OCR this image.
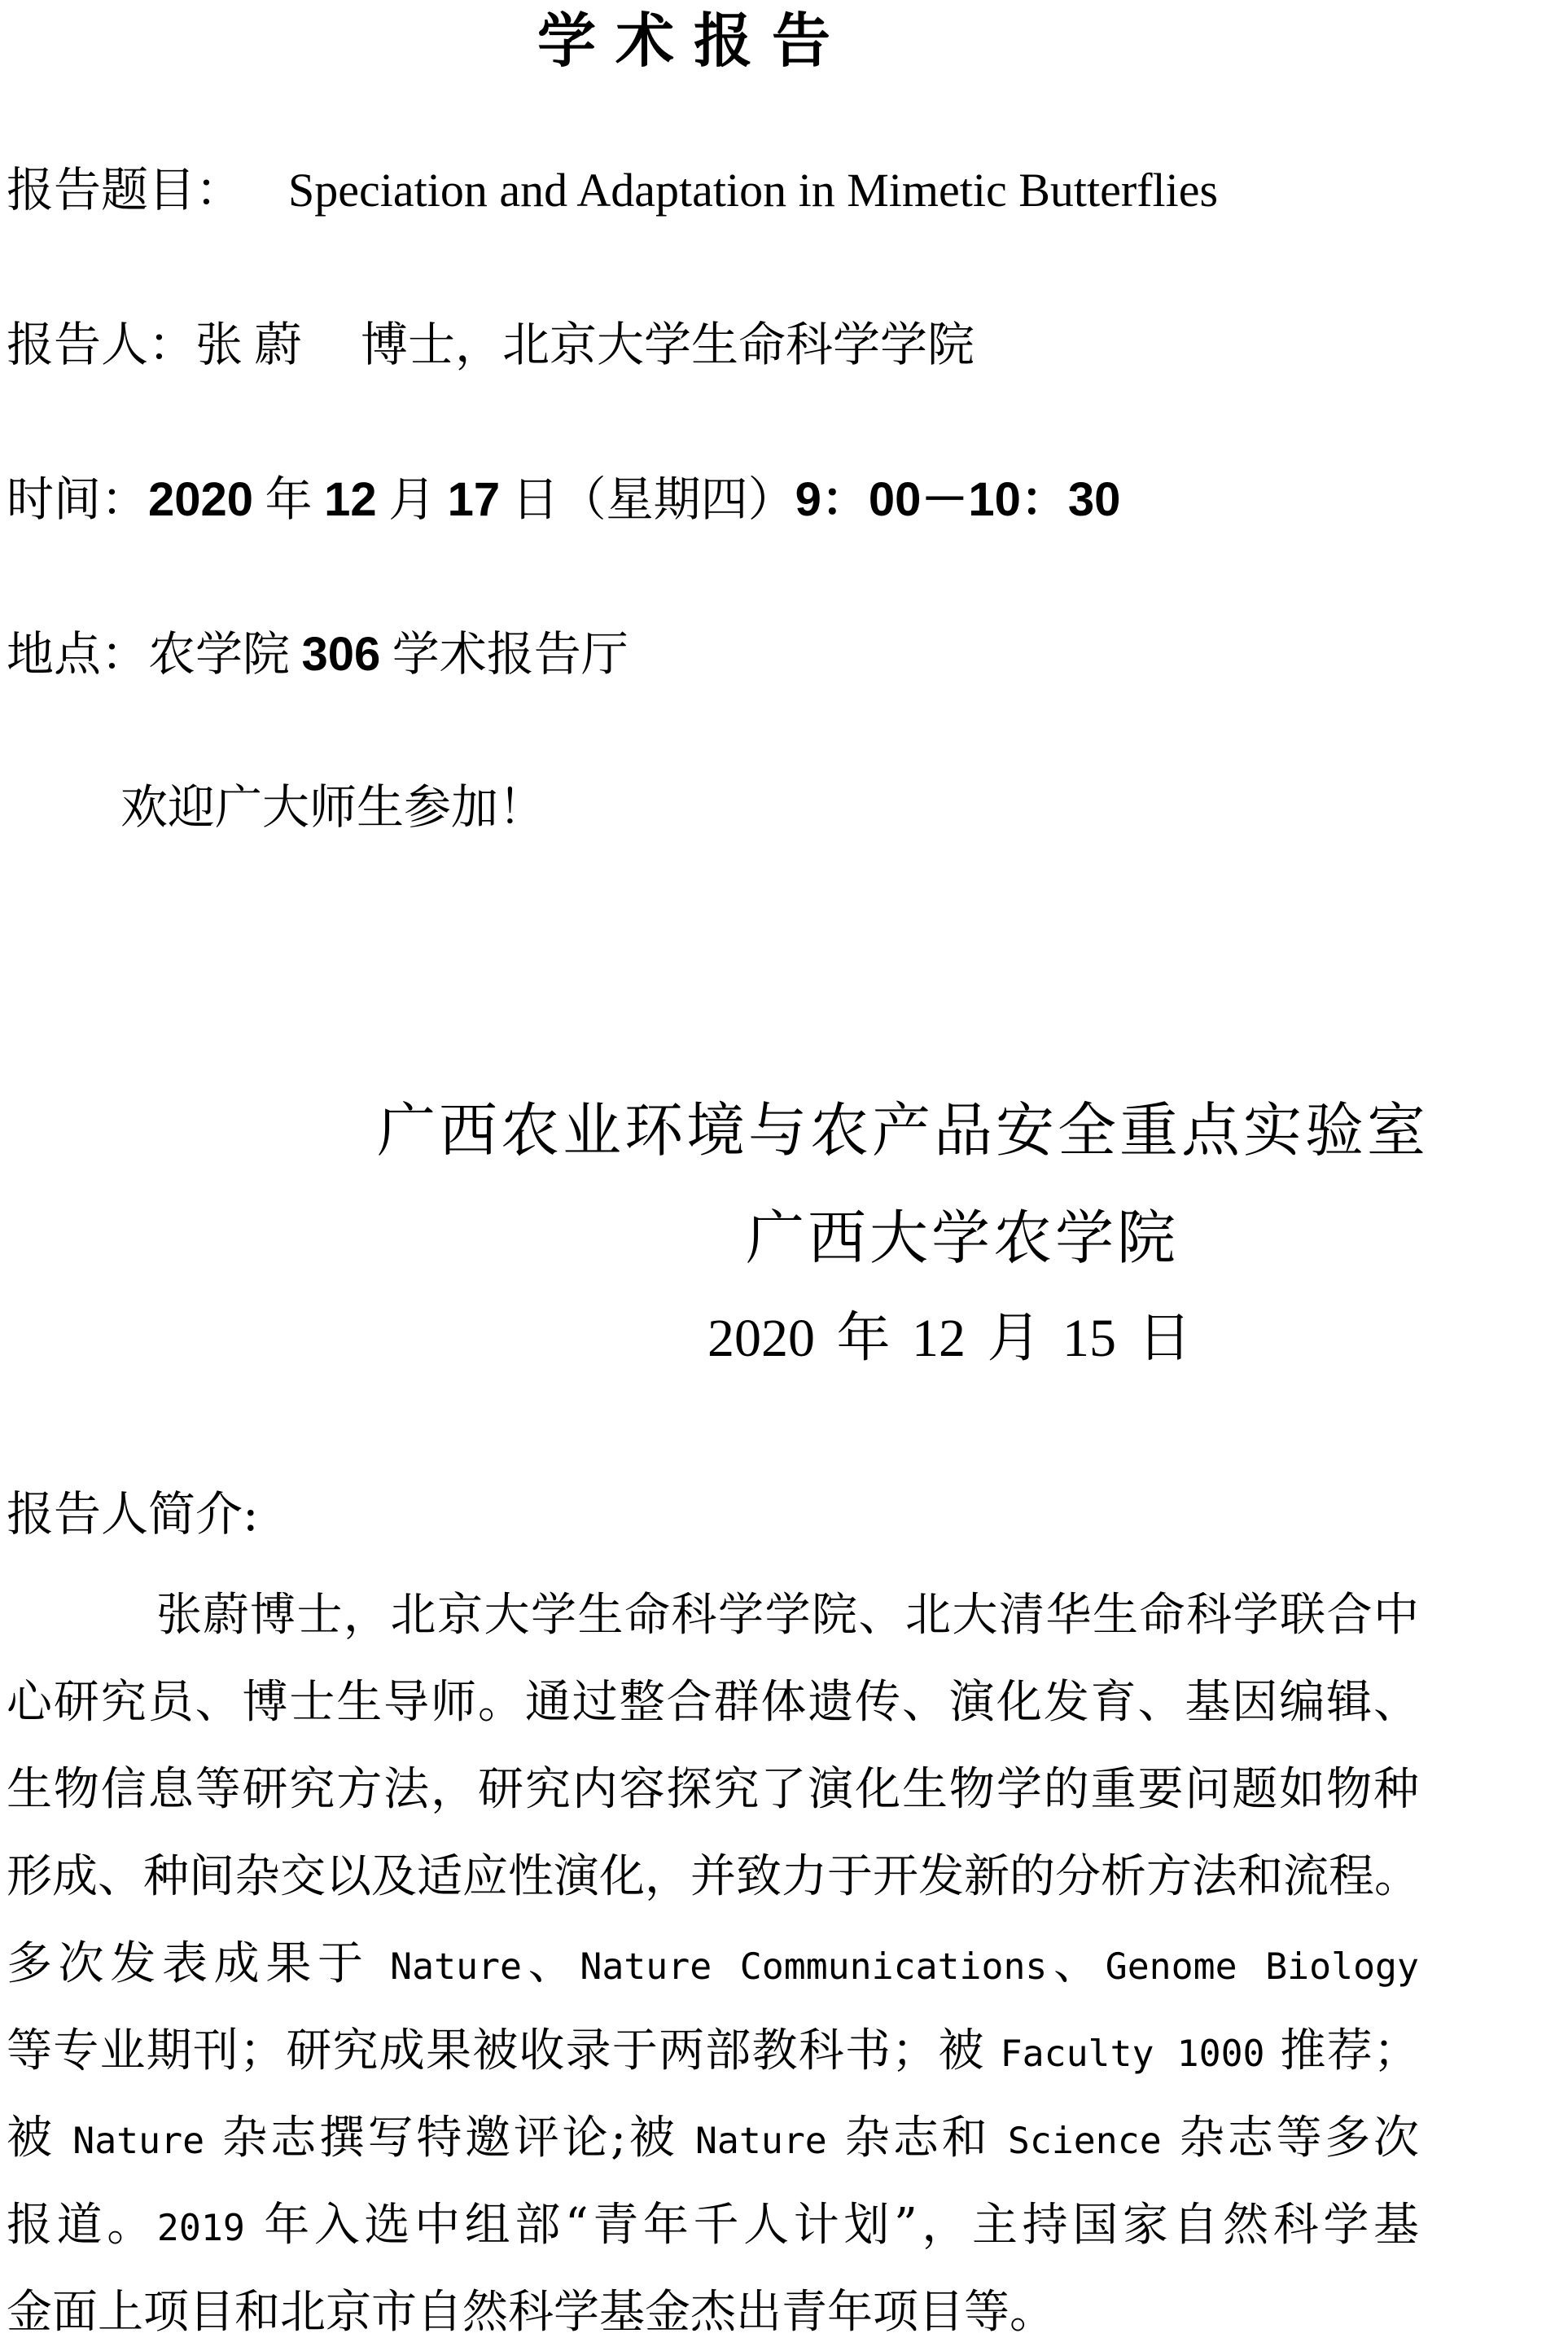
学 术 报 告
报告题目： Speciation and Adaptation in Mimetic Butterflies
报告人：张 蔚　 博士，北京大学生命科学学院
时间：2020 年 12 月 17 日（星期四）9：00－10：30
地点：农学院 306 学术报告厅
欢迎广大师生参加！
广西农业环境与农产品安全重点实验室
广西大学农学院
2020 年 12 月 15 日
报告人简介:
张蔚博士，北京大学生命科学学院、北大清华生命科学联合中
心研究员、博士生导师。通过整合群体遗传、演化发育、基因编辑、
生物信息等研究方法，研究内容探究了演化生物学的重要问题如物种
形成、种间杂交以及适应性演化，并致力于开发新的分析方法和流程。
多次发表成果于 Nature、Nature Communications、Genome Biology
等专业期刊；研究成果被收录于两部教科书；被 Faculty 1000 推荐；
被 Nature 杂志撰写特邀评论;被 Nature 杂志和 Science 杂志等多次
报道。2019 年入选中组部“青年千人计划”，主持国家自然科学基
金面上项目和北京市自然科学基金杰出青年项目等。
